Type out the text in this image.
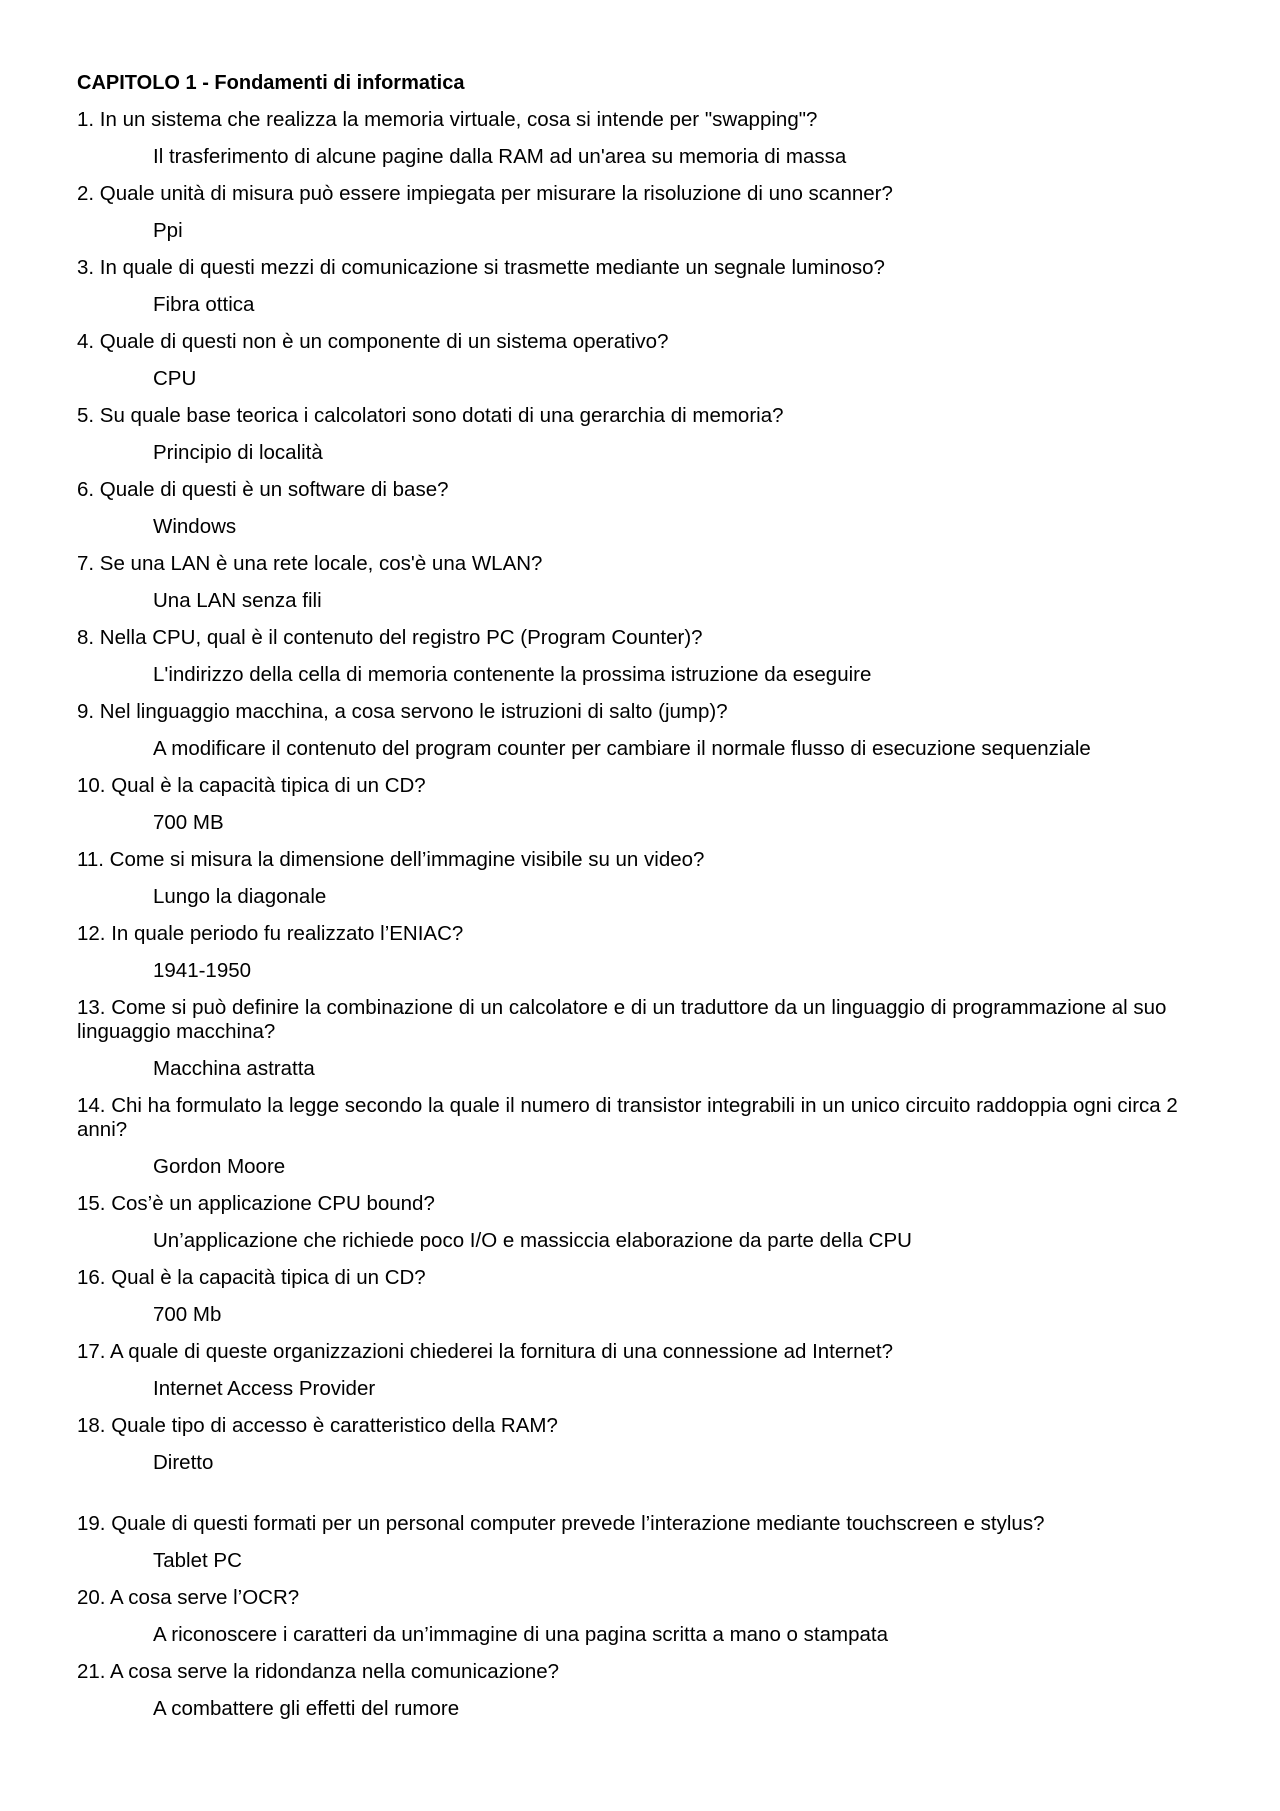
CAPITOLO 1 - Fondamenti di informatica
1. In un sistema che realizza la memoria virtuale, cosa si intende per "swapping"?
Il trasferimento di alcune pagine dalla RAM ad un'area su memoria di massa
2. Quale unità di misura può essere impiegata per misurare la risoluzione di uno scanner?
Ppi
3. In quale di questi mezzi di comunicazione si trasmette mediante un segnale luminoso?
Fibra ottica
4. Quale di questi non è un componente di un sistema operativo?
CPU
5. Su quale base teorica i calcolatori sono dotati di una gerarchia di memoria?
Principio di località
6. Quale di questi è un software di base?
Windows
7. Se una LAN è una rete locale, cos'è una WLAN?
Una LAN senza fili
8. Nella CPU, qual è il contenuto del registro PC (Program Counter)?
L'indirizzo della cella di memoria contenente la prossima istruzione da eseguire
9. Nel linguaggio macchina, a cosa servono le istruzioni di salto (jump)?
A modificare il contenuto del program counter per cambiare il normale flusso di esecuzione sequenziale
10. Qual è la capacità tipica di un CD?
700 MB
11. Come si misura la dimensione dell’immagine visibile su un video?
Lungo la diagonale
12. In quale periodo fu realizzato l’ENIAC?
1941-1950
13. Come si può definire la combinazione di un calcolatore e di un traduttore da un linguaggio di programmazione al suo linguaggio macchina?
Macchina astratta
14. Chi ha formulato la legge secondo la quale il numero di transistor integrabili in un unico circuito raddoppia ogni circa 2 anni?
Gordon Moore
15. Cos’è un applicazione CPU bound?
Un’applicazione che richiede poco I/O e massiccia elaborazione da parte della CPU
16. Qual è la capacità tipica di un CD?
700 Mb
17. A quale di queste organizzazioni chiederei la fornitura di una connessione ad Internet?
Internet Access Provider
18. Quale tipo di accesso è caratteristico della RAM?
Diretto
19. Quale di questi formati per un personal computer prevede l’interazione mediante touchscreen e stylus?
Tablet PC
20. A cosa serve l’OCR?
A riconoscere i caratteri da un’immagine di una pagina scritta a mano o stampata
21. A cosa serve la ridondanza nella comunicazione?
A combattere gli effetti del rumore
